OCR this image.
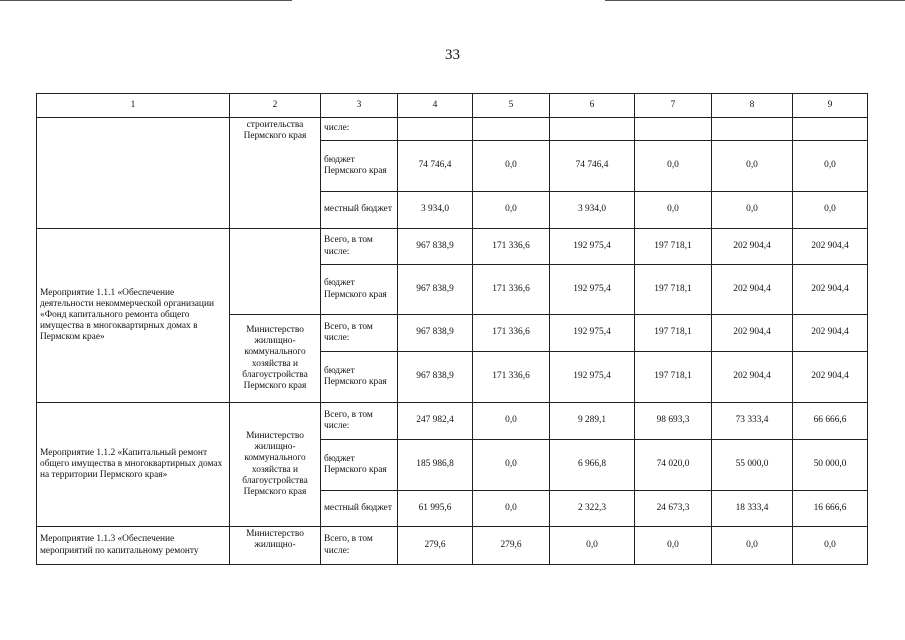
33
1	2	3	4	5	6	7	8	9
	строительства Пермского края	числе:						
		бюджет Пермского края	74 746,4	0,0	74 746,4	0,0	0,0	0,0
		местный бюджет	3 934,0	0,0	3 934,0	0,0	0,0	0,0
Мероприятие 1.1.1 «Обеспечение деятельности некоммерческой организации «Фонд капитального ремонта общего имущества в многоквартирных домах в Пермском крае»		Всего, в том числе:	967 838,9	171 336,6	192 975,4	197 718,1	202 904,4	202 904,4
		бюджет Пермского края	967 838,9	171 336,6	192 975,4	197 718,1	202 904,4	202 904,4
	Министерство жилищно-коммунального хозяйства и благоустройства Пермского края	Всего, в том числе:	967 838,9	171 336,6	192 975,4	197 718,1	202 904,4	202 904,4
		бюджет Пермского края	967 838,9	171 336,6	192 975,4	197 718,1	202 904,4	202 904,4
Мероприятие 1.1.2 «Капитальный ремонт общего имущества в многоквартирных домах на территории Пермского края»	Министерство жилищно-коммунального хозяйства и благоустройства Пермского края	Всего, в том числе:	247 982,4	0,0	9 289,1	98 693,3	73 333,4	66 666,6
		бюджет Пермского края	185 986,8	0,0	6 966,8	74 020,0	55 000,0	50 000,0
		местный бюджет	61 995,6	0,0	2 322,3	24 673,3	18 333,4	16 666,6
Мероприятие 1.1.3 «Обеспечение мероприятий по капитальному ремонту	Министерство жилищно-	Всего, в том числе:	279,6	279,6	0,0	0,0	0,0	0,0
